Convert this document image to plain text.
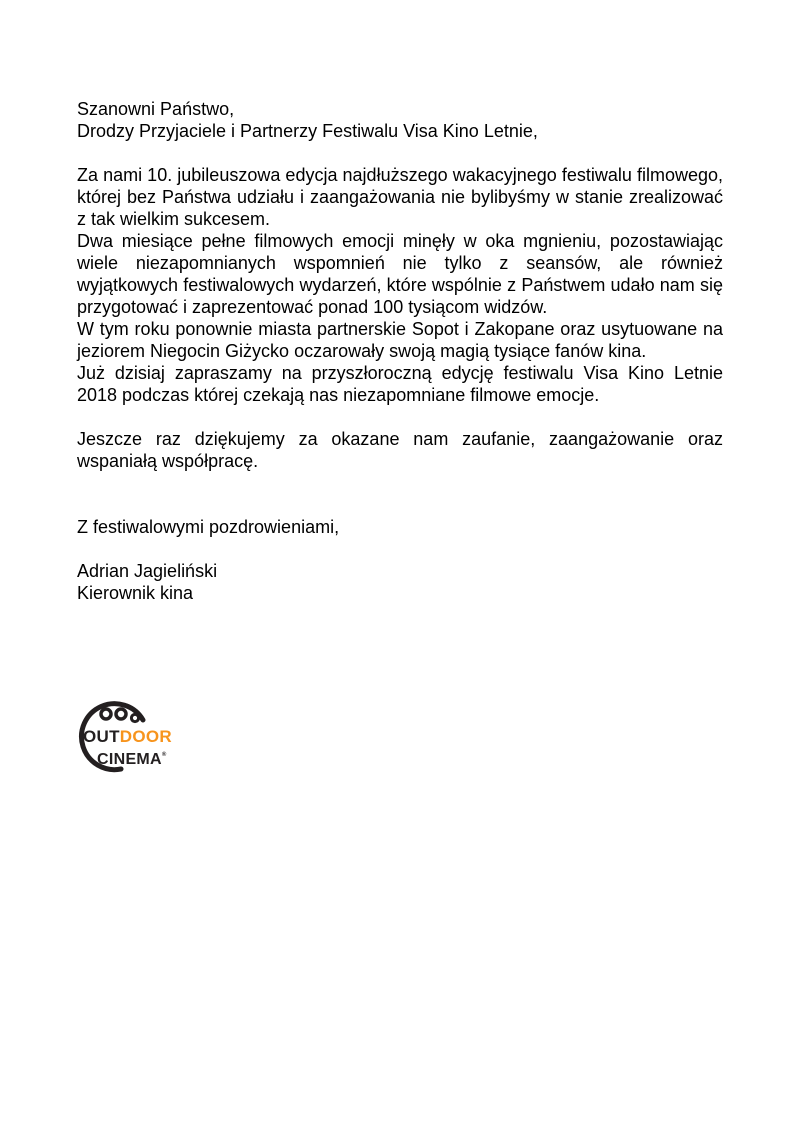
Szanowni Państwo,

Drodzy Przyjaciele i Partnerzy Festiwalu Visa Kino Letnie,

Za nami 10. jubileuszowa edycja najdłuższego wakacyjnego festiwalu filmowego, której bez Państwa udziału i zaangażowania nie bylibyśmy w stanie zrealizować z tak wielkim sukcesem.

Dwa miesiące pełne filmowych emocji minęły w oka mgnieniu, pozostawiając wiele niezapomnianych wspomnień nie tylko z seansów, ale również wyjątkowych festiwalowych wydarzeń, które wspólnie z Państwem udało nam się przygotować i zaprezentować ponad 100 tysiącom widzów.

W tym roku ponownie miasta partnerskie Sopot i Zakopane oraz usytuowane na jeziorem Niegocin Giżycko oczarowały swoją magią tysiące fanów kina.

Już dzisiaj zapraszamy na przyszłoroczną edycję festiwalu Visa Kino Letnie 2018 podczas której czekają nas niezapomniane filmowe emocje.

Jeszcze raz dziękujemy za okazane nam zaufanie, zaangażowanie oraz wspaniałą współpracę.

Z festiwalowymi pozdrowieniami,

Adrian Jagieliński

Kierownik kina

OUTDOOR
CINEMA®
